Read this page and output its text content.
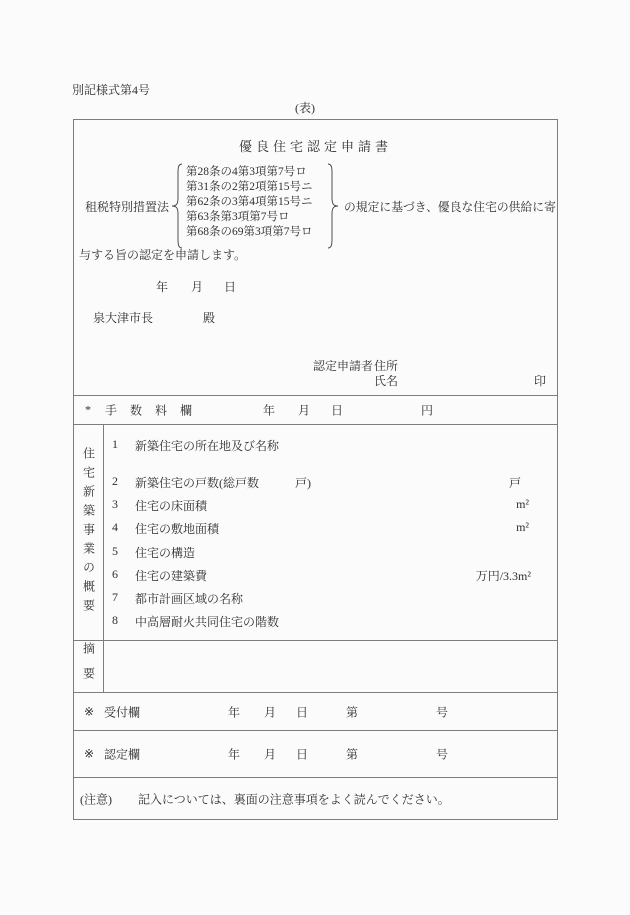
別記様式第4号
(表)
優良住宅認定申請書
租税特別措置法
第28条の4第3項第7号ロ
第31条の2第2項第15号ニ
第62条の3第4項第15号ニ
第63条第3項第7号ロ
第68条の69第3項第7号ロ
の規定に基づき、優良な住宅の供給に寄
与する旨の認定を申請します。
年 月 日
泉大津市長	殿
認定申請者 住所
氏名	印
* 手数料欄	年 月 日	円
住宅新築事業の概要
1 新築住宅の所在地及び名称
2 新築住宅の戸数(総戸数　　　戸)	戸
3 住宅の床面積	m²
4 住宅の敷地面積	m²
5 住宅の構造
6 住宅の建築費	万円/3.3m²
7 都市計画区域の名称
8 中高層耐火共同住宅の階数
摘要
※ 受付欄	年 月 日	第	号
※ 認定欄	年 月 日	第	号
(注意) 記入については、裏面の注意事項をよく読んでください。
